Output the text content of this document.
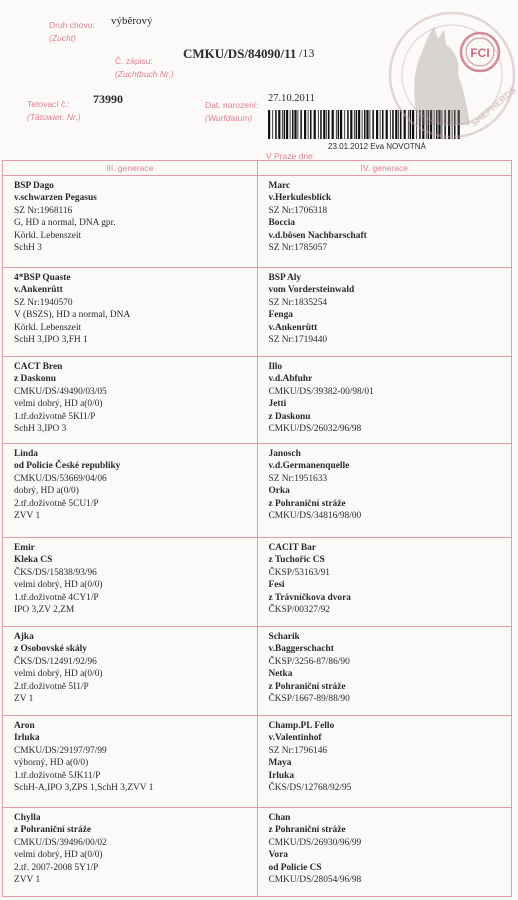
Druh chovu:
(Zucht)
výběrový
Č. zápisu:
(Zuchtbuch Nr.)
CMKU/DS/84090/11 /13
Tetovací č.:
(Tätowier. Nr.)
73990	Dat. narození:
(Wurfdatum)
27.10.2011
23.01.2012 Eva NOVOTNÁ
V Praze dne:
SHEPHERDS
FCI
III. generace	IV. generace
BSP Dago
v.schwarzen Pegasus
SZ Nr:1968116
G, HD a normal, DNA gpr.
Körkl. Lebenszeit
SchH 3
Marc
v.Herkulesblick
SZ Nr:1706318
Boccia
v.d.bösen Nachbarschaft
SZ Nr:1785057
4*BSP Quaste
v.Ankenrütt
SZ Nr:1940570
V (BSZS), HD a normal, DNA
Körkl. Lebenszeit
SchH 3,IPO 3,FH 1
BSP Aly
vom Vordersteinwald
SZ Nr:1835254
Fenga
v.Ankenrütt
SZ Nr:1719440
CACT Bren
z Daskonu
CMKU/DS/49490/03/05
velmi dobrý, HD a(0/0)
1.tř.doživotně 5KI1/P
SchH 3,IPO 3
Illo
v.d.Abfuhr
CMKU/DS/39382-00/98/01
Jetti
z Daskonu
CMKU/DS/26032/96/98
Linda
od Policie České republiky
CMKU/DS/53669/04/06
dobrý, HD a(0/0)
2.tř.doživotně 5CU1/P
ZVV 1
Janosch
v.d.Germanenquelle
SZ Nr:1951633
Orka
z Pohraniční stráže
CMKU/DS/34816/98/00
Emir
Kleka CS
ČKS/DS/15838/93/96
velmi dobrý, HD a(0/0)
1.tř.doživotně 4CY1/P
IPO 3,ZV 2,ZM
CACIT Bar
z Tuchořic CS
ČKSP/53163/91
Fesi
z Trávníčkova dvora
ČKSP/00327/92
Ajka
z Osobovské skály
ČKS/DS/12491/92/96
velmi dobrý, HD a(0/0)
2.tř.doživotně 5I1/P
ZV 1
Scharik
v.Baggerschacht
ČKSP/3256-87/86/90
Netka
z Pohraniční stráže
ČKSP/1667-89/88/90
Aron
Irluka
CMKU/DS/29197/97/99
výborný, HD a(0/0)
1.tř.doživotně 5JK11/P
SchH-A,IPO 3,ZPS 1,SchH 3,ZVV 1
Champ.PL Fello
v.Valentinhof
SZ Nr:1796146
Maya
Irluka
ČKS/DS/12768/92/95
Chylla
z Pohraniční stráže
CMKU/DS/39496/00/02
velmi dobrý, HD a(0/0)
2.tř. 2007-2008 5Y1/P
ZVV 1
Chan
z Pohraniční stráže
CMKU/DS/26930/96/99
Vora
od Policie CS
CMKU/DS/28054/96/98
